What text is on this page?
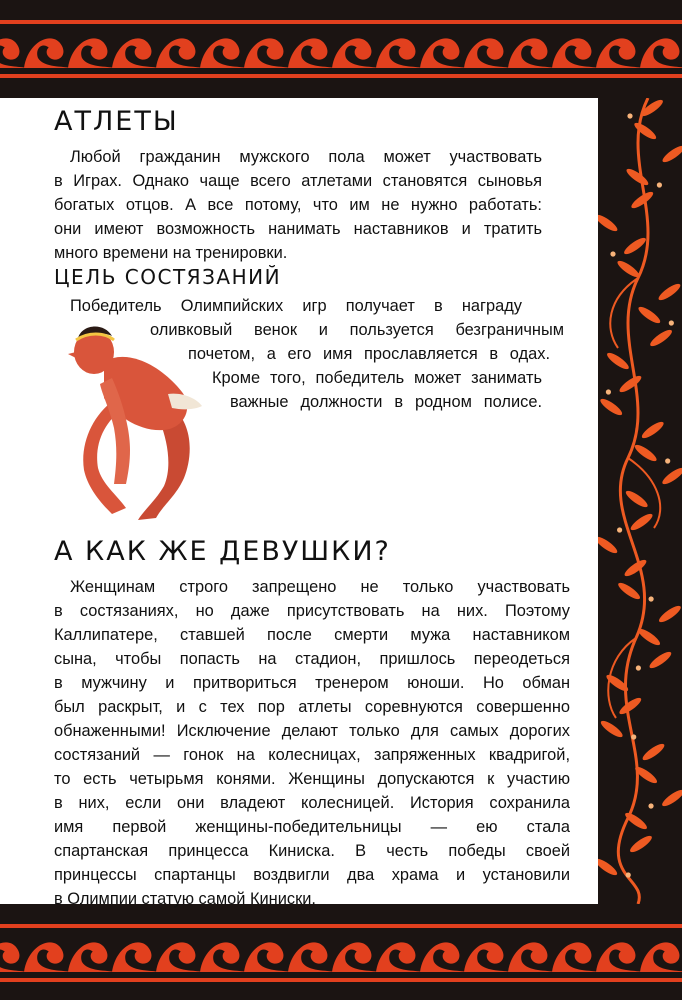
АТЛЕТЫ
Любой гражданин мужского пола может участвовать
в Играх. Однако чаще всего атлетами становятся сыновья
богатых отцов. А все потому, что им не нужно работать:
они имеют возможность нанимать наставников и тратить
много времени на тренировки.
ЦЕЛЬ СОСТЯЗАНИЙ
Победитель Олимпийских игр получает в награду
оливковый венок и пользуется безграничным
почетом, а его имя прославляется в одах.
Кроме того, победитель может занимать
важные должности в родном полисе.
А КАК ЖЕ ДЕВУШКИ?
Женщинам строго запрещено не только участвовать
в состязаниях, но даже присутствовать на них. Поэтому
Каллипатере, ставшей после смерти мужа наставником
сына, чтобы попасть на стадион, пришлось переодеться
в мужчину и притвориться тренером юноши. Но обман
был раскрыт, и с тех пор атлеты соревнуются совершенно
обнаженными! Исключение делают только для самых дорогих
состязаний — гонок на колесницах, запряженных квадригой,
то есть четырьмя конями. Женщины допускаются к участию
в них, если они владеют колесницей. История сохранила
имя первой женщины-победительницы — ею стала
спартанская принцесса Киниска. В честь победы своей
принцессы спартанцы воздвигли два храма и установили
в Олимпии статую самой Киниски.
